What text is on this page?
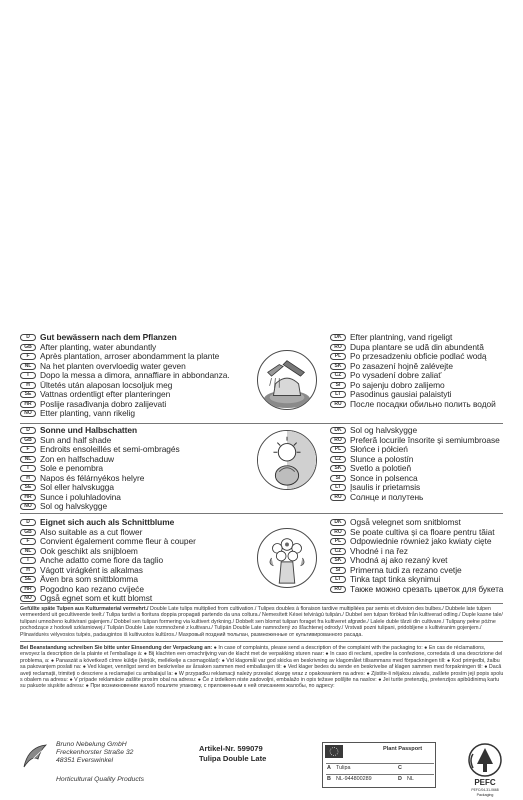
D	Gut bewässern nach dem Pflanzen
GB After planting, water abundantly
F	Après plantation, arroser abondamment la plante
NL	Na het planten overvloedig water geven
I	Dopo la messa a dimora, annaffiare in abbondanza.
H	Ültetés után alaposan locsoljuk meg
SE	Vattnas ordentligt efter planteringen
HR Poslije rasađivanja dobro zalijevati
NO Etter planting, vann rikelig
DK Efter plantning, vand rigeligt
RO Dupa plantare se udă din abundentă
PL	Po przesadzeniu obficie podlać wodą
SK	Po zasazení hojně zalévejte
CZ	Po vysadení dobre zaliať
SI	Po sajenju dobro zalijemo
LT	Pasodinus gausiai palaistyti
RU После посадки обильно полить водой
D	Sonne und Halbschatten
GB Sun and half shade
F	Endroits ensoleillés et semi-ombragés
NL	Zon en halfschaduw
I	Sole e penombra
H	Napos és félárnyékos helyre
SE	Sol eller halvskugga
HR Sunce i poluhladovina
NO Sol og halvskygge
DK Sol og halvskygge
RO Preferă locurile însorite și semiumbroase
PL	Słońce i półcień
CZ	Slunce a polostín
SK	Svetlo a polotieň
SI	Sonce in polsenca
LT	Įsaulis ir prietamsis
RU Солнце и полутень
D	Eignet sich auch als Schnittblume
GB Also suitable as a cut flower
F	Convient également comme fleur à couper
NL	Ook geschikt als snijbloem
I	Anche adatto come fiore da taglio
H	Vágott virágként is alkalmas
SE	Även bra som snittblomma
HR Pogodno kao rezano cvijeće
NO Også egnet som et kutt blomst
DK Også velegnet som snitblomst
RO Se poate cultiva și ca floare pentru tăiat
PL	Odpowiednie również jako kwiaty cięte
CZ	Vhodné i na řez
SK	Vhodná aj ako rezaný kvet
SI	Primerna tudi za rezano cvetje
LT	Tinka tapt tinka skynimui
RU Также можно срезать цветок для букета
Gefüllte späte Tulpen aus Kulturmaterial vermehrt./ Double Late tulips multiplied from cultivation./ Tulipes doubles à floraison tardive multipliées par semis et division des bulbes./ Dubbele late tulpen vermeerderd uit gecultiveerde teelt./ Tulipa tardivi a fioritura doppia propagati partendo da una coltura./ Nemesített Kései telvirágú tulipán./ Dubbel sen tulpan förökad från kultiverad odling./ Duple kasne tale/ tulipani umnoženo kultivirani gajenjem./ Dobbel sen tulipan formering via kultivert dyrkning./ Dobbelt sen blomst tulipan foraget fra kultiveret afgrøde./ Lalele duble târzii din cultivare./ Tulipany pełne późne pochodzące z hodowli szklarniowej./ Tulipán Double Late rozmnožené z kultivaru./ Tulipán Double Late namnožený zo šľachtenej odrody./ Vrstvati pozni tulipani, pridobljene s kultiviranim gojenjem./ Plinavidurės vėlyvosios tulpės, padaugintos iš kultivuotos kultūros./ Махровый поздний тюльпан, размноженные от культивированного расада.
Bei Beanstandung schreiben Sie bitte unter Einsendung der Verpackung an: ● In case of complaints, please send a description of the complaint with the packaging to: ● En cas de réclamations, envoyez la description de la plainte et l'emballage à: ● Bij klachten een omschrijving van de klacht met de verpakking sturen naar: ● In caso di reclami, spedire la confezione, corredata di una descrizione del problema, a: ● Panaszát a következő címre küldje (kérjük, mellékelje a csomagolást): ● Vid klagomål var god skicka en beskrivning av klagomålet tillsammans med förpackningen till: ● Kod primjedbi, žalbu sa pakovanjem poslati na: ● Ved klager, vennligst send en beskrivelse av årsaken sammen med emballasjen til: ● Ved klager bedes du sende en beskrivelse af klagen sammen med forpakningen til: ● Dacă aveți reclamații, trimiteți o descriere a reclamației cu ambalajul la: ● W przypadku reklamacji należy przesłać skargę wraz z opakowaniem na adres: ● Zjistíte-li nějakou závadu, zašlete prosím její popis spolu s obalem na adresu: ● V prípade reklamácie zašlite prosím obal na adresu: ● Če z izdelkom niste zadovoljni, embalažo in opis težave pošljite na naslov: ● Jei turite pretenzijų, pretenzijos apibūdinimą kartu su pakuote siųskite adresu: ● При возникновении жалоб пошлите упаковку, с приложенным к ней описанием жалобы, по адресу:
Bruno Nebelung GmbH
Freckenhorster Straße 32
48351 Everswinkel
Horticultural Quality Products
Artikel-Nr. 599079
Tulipa Double Late
Plant Passport
A Tulipa	C
B NL-944800289	D NL	PEFC
PEFC/04-31-0668
Packaging
